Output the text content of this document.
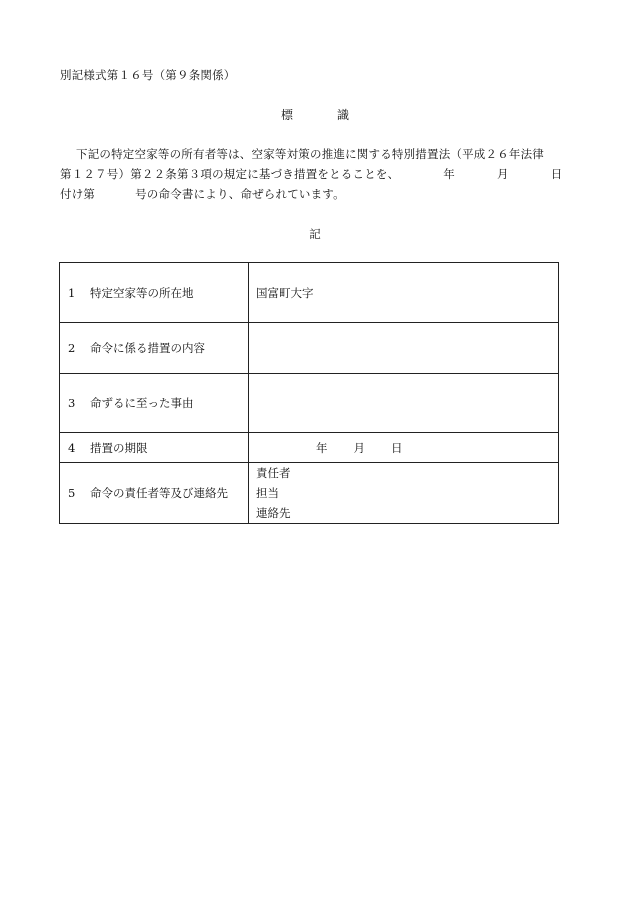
別記様式第１６号（第９条関係）
標	識
下記の特定空家等の所有者等は、空家等対策の推進に関する特別措置法（平成２６年法律
第１２７号）第２２条第３項の規定に基づき措置をとることを、	年	月	日
付け第	号の命令書により、命ぜられています。
記
1 特定空家等の所在地	国富町大字
2 命令に係る措置の内容	
3 命ずるに至った事由	
4 措置の期限	年 月 日
5 命令の責任者等及び連絡先	責任者
担当
連絡先
